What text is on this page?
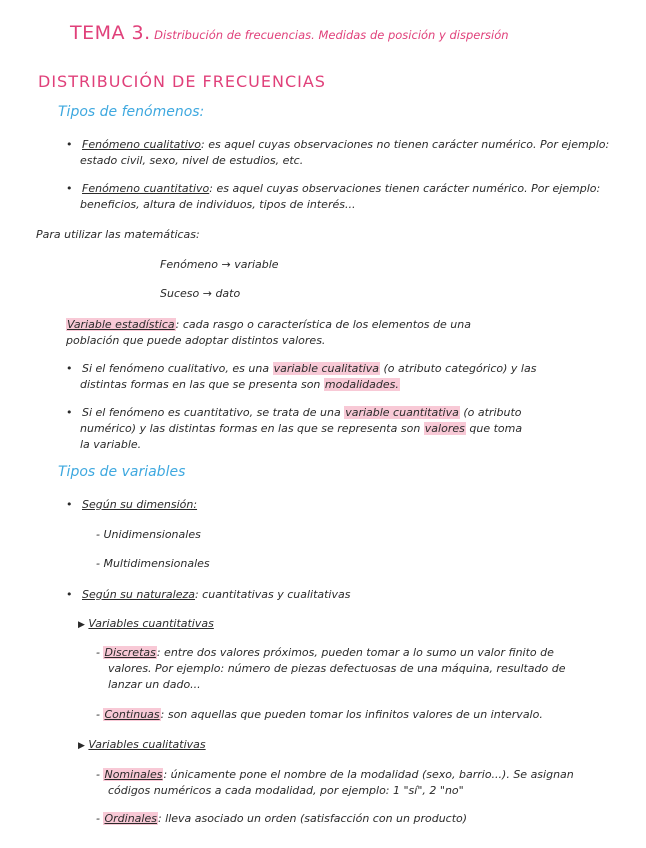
TEMA 3. Distribución de frecuencias. Medidas de posición y dispersión
DISTRIBUCIÓN DE FRECUENCIAS
Tipos de fenómenos:
• Fenómeno cualitativo: es aquel cuyas observaciones no tienen carácter numérico. Por ejemplo:
estado civil, sexo, nivel de estudios, etc.
• Fenómeno cuantitativo: es aquel cuyas observaciones tienen carácter numérico. Por ejemplo:
beneficios, altura de individuos, tipos de interés...
Para utilizar las matemáticas:
Fenómeno → variable
Suceso → dato
Variable estadística: cada rasgo o característica de los elementos de una
población que puede adoptar distintos valores.
• Si el fenómeno cualitativo, es una variable cualitativa (o atributo categórico) y las
distintas formas en las que se presenta son modalidades.
• Si el fenómeno es cuantitativo, se trata de una variable cuantitativa (o atributo
numérico) y las distintas formas en las que se representa son valores que toma
la variable.
Tipos de variables
• Según su dimensión:
- Unidimensionales
- Multidimensionales
• Según su naturaleza: cuantitativas y cualitativas
▶ Variables cuantitativas
- Discretas: entre dos valores próximos, pueden tomar a lo sumo un valor finito de
valores. Por ejemplo: número de piezas defectuosas de una máquina, resultado de
lanzar un dado...
- Continuas: son aquellas que pueden tomar los infinitos valores de un intervalo.
▶ Variables cualitativas
- Nominales: únicamente pone el nombre de la modalidad (sexo, barrio...). Se asignan
códigos numéricos a cada modalidad, por ejemplo: 1 "sí", 2 "no"
- Ordinales: lleva asociado un orden (satisfacción con un producto)
